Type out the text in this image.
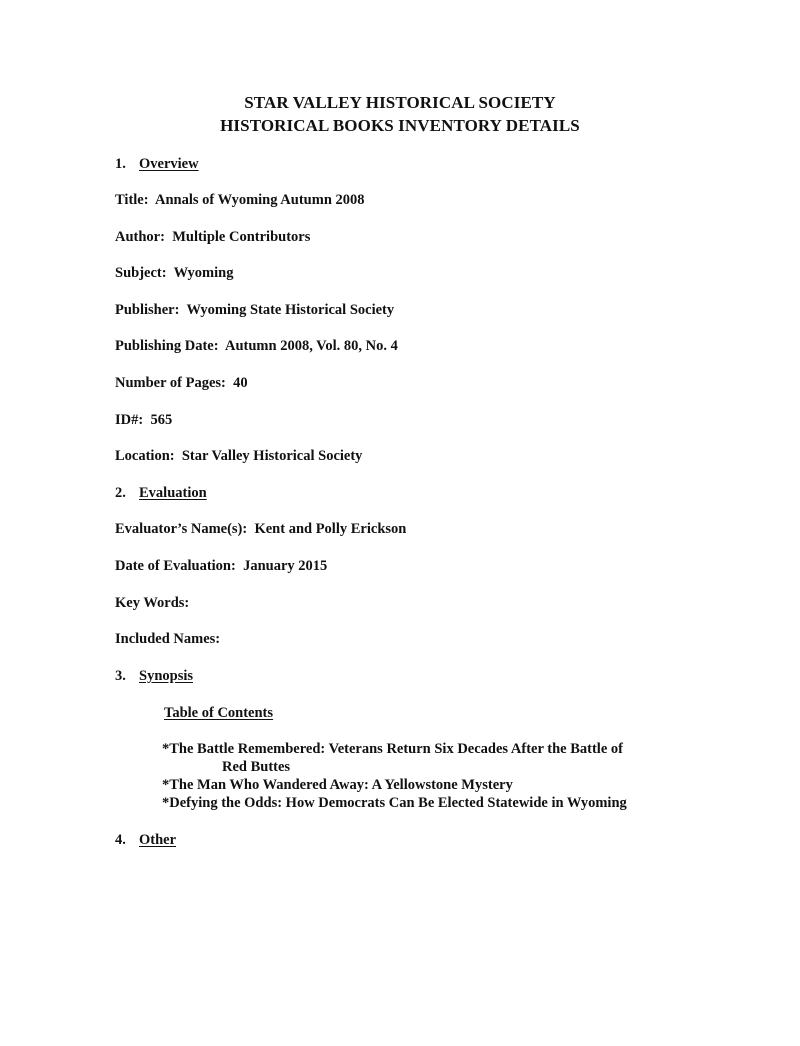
STAR VALLEY HISTORICAL SOCIETY
HISTORICAL BOOKS INVENTORY DETAILS
1. Overview
Title: Annals of Wyoming Autumn 2008
Author: Multiple Contributors
Subject: Wyoming
Publisher: Wyoming State Historical Society
Publishing Date: Autumn 2008, Vol. 80, No. 4
Number of Pages: 40
ID#: 565
Location: Star Valley Historical Society
2. Evaluation
Evaluator’s Name(s): Kent and Polly Erickson
Date of Evaluation: January 2015
Key Words:
Included Names:
3. Synopsis
Table of Contents
*The Battle Remembered: Veterans Return Six Decades After the Battle of
Red Buttes
*The Man Who Wandered Away: A Yellowstone Mystery
*Defying the Odds: How Democrats Can Be Elected Statewide in Wyoming
4. Other
